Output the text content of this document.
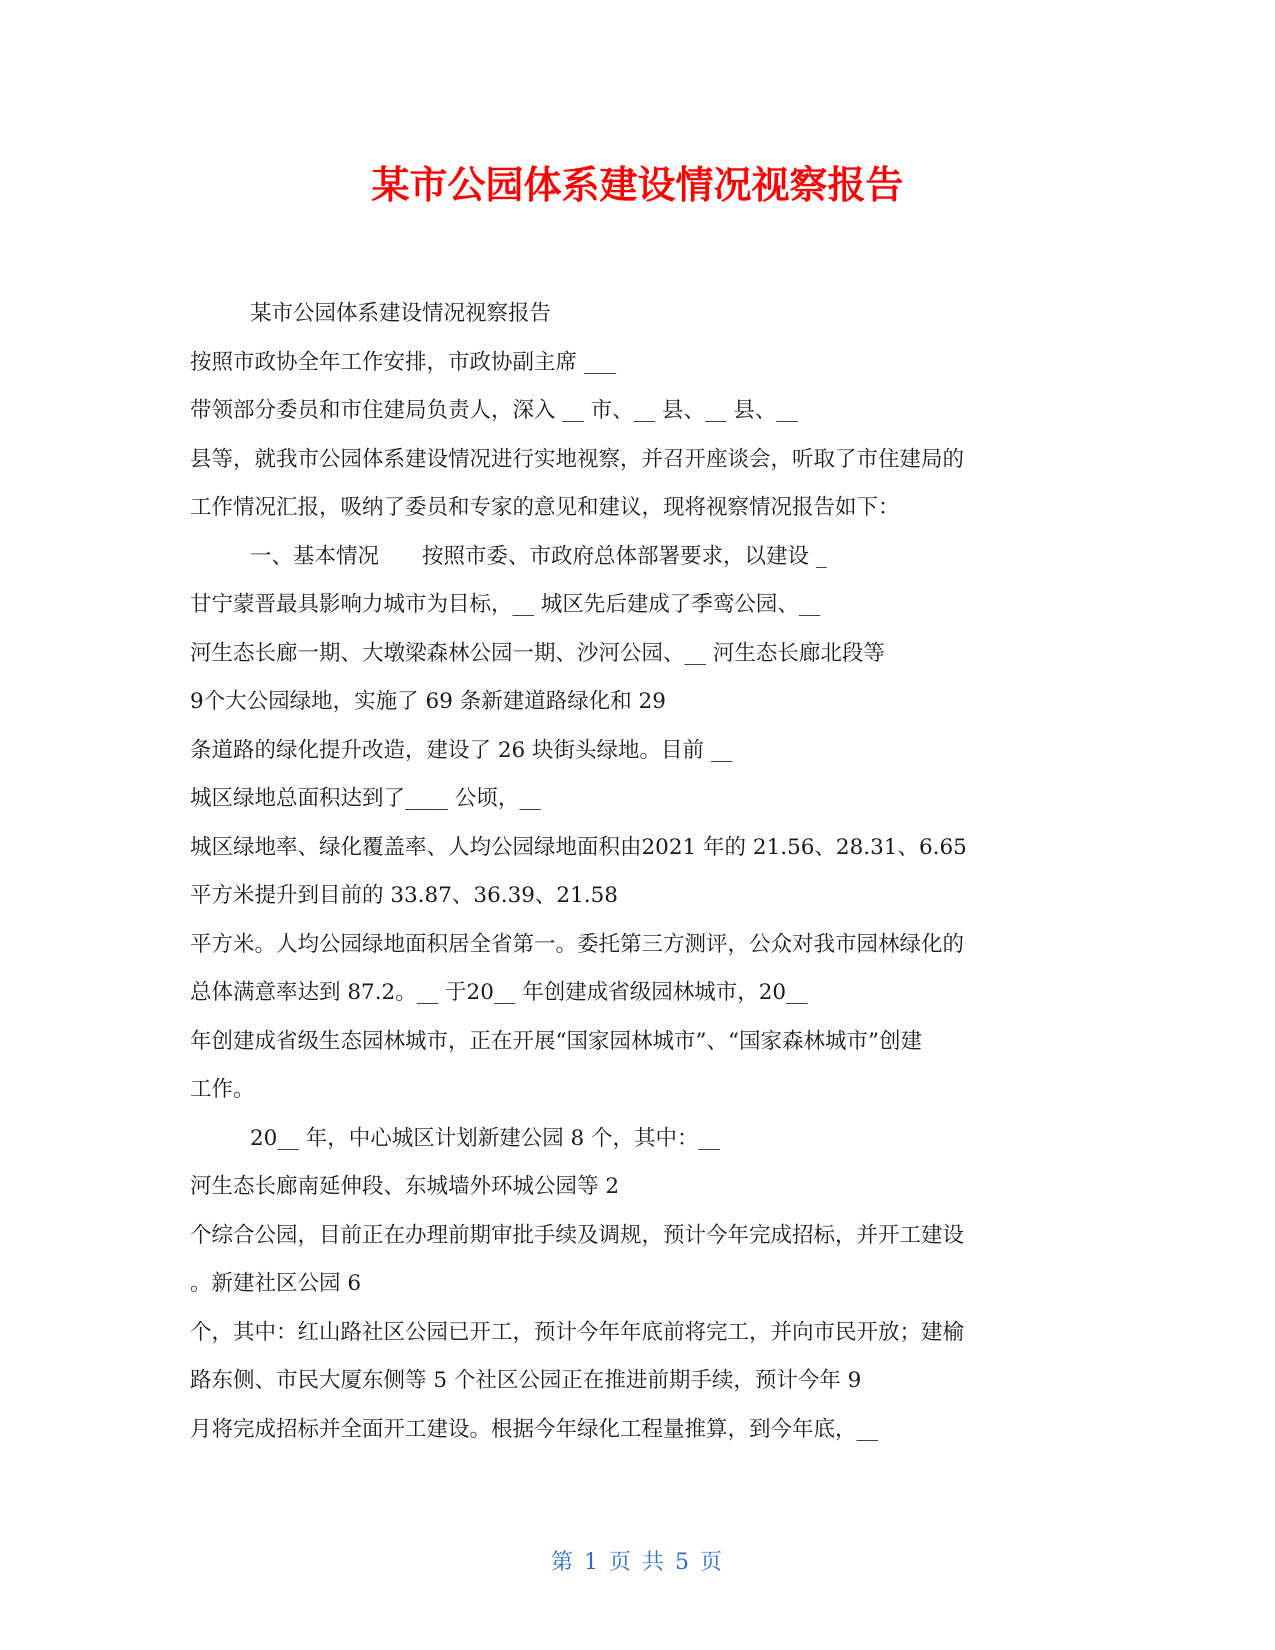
某市公园体系建设情况视察报告

某市公园体系建设情况视察报告

按照市政协全年工作安排，市政协副主席 ___

带领部分委员和市住建局负责人，深入 __ 市、__ 县、__ 县、__

县等，就我市公园体系建设情况进行实地视察，并召开座谈会，听取了市住建局的

工作情况汇报，吸纳了委员和专家的意见和建议，现将视察情况报告如下：

一、基本情况　　按照市委、市政府总体部署要求，以建设 _

甘宁蒙晋最具影响力城市为目标，__ 城区先后建成了季鸾公园、__

河生态长廊一期、大墩梁森林公园一期、沙河公园、__ 河生态长廊北段等

9个大公园绿地，实施了 69 条新建道路绿化和 29

条道路的绿化提升改造，建设了 26 块街头绿地。目前 __

城区绿地总面积达到了____ 公顷，__

城区绿地率、绿化覆盖率、人均公园绿地面积由2021 年的 21.56、28.31、6.65

平方米提升到目前的 33.87、36.39、21.58

平方米。人均公园绿地面积居全省第一。委托第三方测评，公众对我市园林绿化的

总体满意率达到 87.2。__ 于20__ 年创建成省级园林城市，20__

年创建成省级生态园林城市，正在开展“国家园林城市”、“国家森林城市”创建

工作。

20__ 年，中心城区计划新建公园 8 个，其中：__

河生态长廊南延伸段、东城墙外环城公园等 2

个综合公园，目前正在办理前期审批手续及调规，预计今年完成招标，并开工建设

。新建社区公园 6

个，其中：红山路社区公园已开工，预计今年年底前将完工，并向市民开放；建榆

路东侧、市民大厦东侧等 5 个社区公园正在推进前期手续，预计今年 9

月将完成招标并全面开工建设。根据今年绿化工程量推算，到今年底，__

第 1 页 共 5 页
